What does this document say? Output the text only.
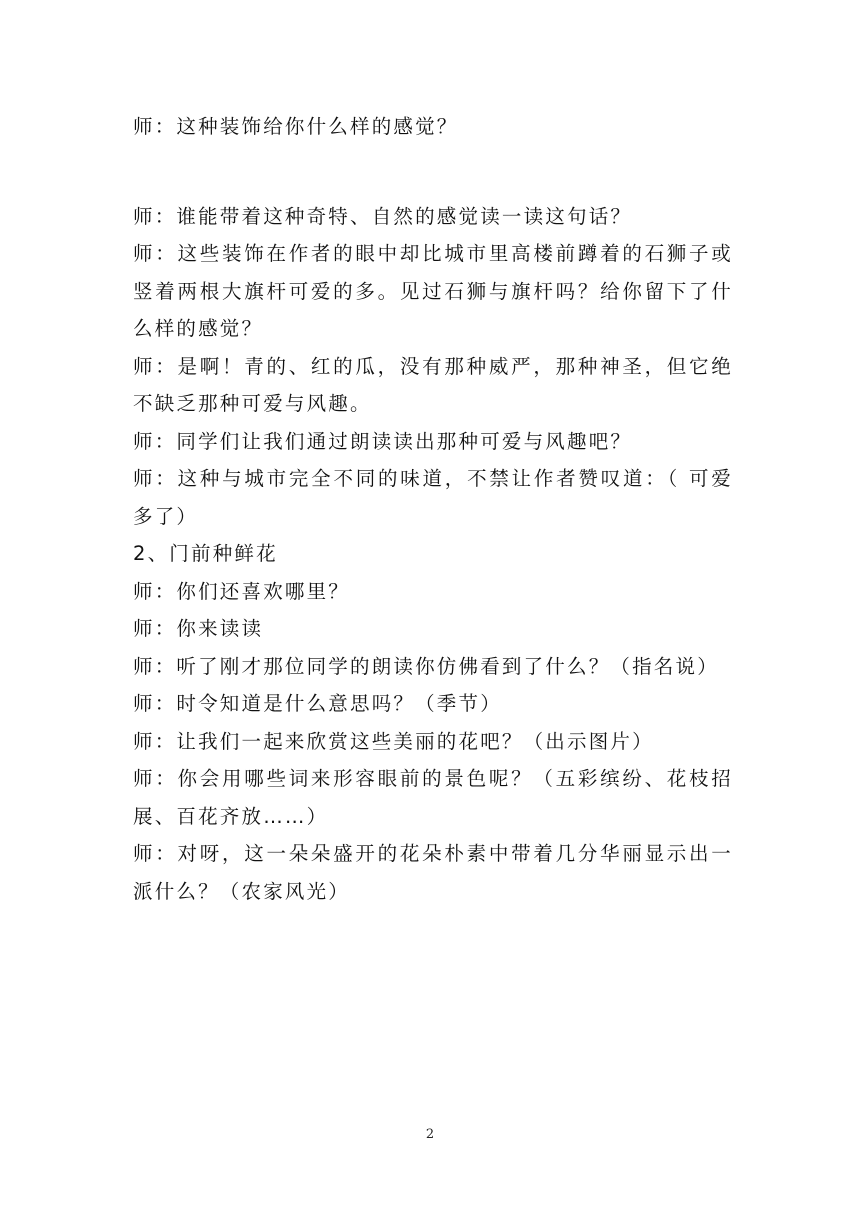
师：这种装饰给你什么样的感觉？

师：谁能带着这种奇特、自然的感觉读一读这句话？

师：这些装饰在作者的眼中却比城市里高楼前蹲着的石狮子或竖着两根大旗杆可爱的多。见过石狮与旗杆吗？给你留下了什么样的感觉？

师：是啊！青的、红的瓜，没有那种威严，那种神圣，但它绝不缺乏那种可爱与风趣。

师：同学们让我们通过朗读读出那种可爱与风趣吧？

师：这种与城市完全不同的味道，不禁让作者赞叹道：（ 可爱多了）

2、门前种鲜花

师：你们还喜欢哪里？

师：你来读读

师：听了刚才那位同学的朗读你仿佛看到了什么？（指名说）

师：时令知道是什么意思吗？（季节）

师：让我们一起来欣赏这些美丽的花吧？（出示图片）

师：你会用哪些词来形容眼前的景色呢？（五彩缤纷、花枝招展、百花齐放……）

师：对呀，这一朵朵盛开的花朵朴素中带着几分华丽显示出一派什么？（农家风光）

2
